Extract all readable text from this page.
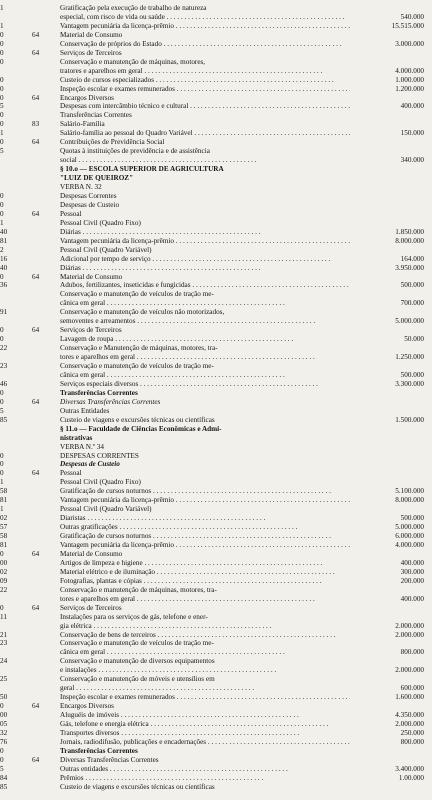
1	Gratificação pela execução de trabalho de natureza
especial, com risco de vida ou saúde . . .	540.000
1	Vantagem pecuniária da licença-prêmio . . .	15.515.000
0	64	Material de Consumo
0	Conservação de próprios do Estado . . .	3.000.000
0	64	Serviços de Terceiros
0	Conservação e manutenção de máquinas, motores,
tratores e aparelhos em geral . . .	4.000.000
0	Custeio de cursos especializados . . .	1.000.000
0	Inspeção escolar e exames remunerados . . .	1.200.000
0	64	Encargos Diversos
5	Despesas com intercâmbio técnico e cultural . . .	400.000
0	Transferências Correntes
0	83	Salário-Família
1	Salário-família ao pessoal do Quadro Variável . . .	150.000
0	64	Contribuições de Previdência Social
5	Quotas à instituições de previdência e de assistência
social . . .	340.000
§ 10.o — ESCOLA SUPERIOR DE AGRICULTURA
"LUIZ DE QUEIROZ"
VERBA N. 32
0	Despesas Correntes
0	Despesas de Custeio
0	64	Pessoal
1	Pessoal Civil (Quadro Fixo)
40	Diárias . . .	1.850.000
81	Vantagem pecuniária da licença-prêmio . . .	8.000.000
2	Pessoal Civil (Quadro Variável)
16	Adicional por tempo de serviço . . .	164.000
40	Diárias . . .	3.950.000
0	64	Material de Consumo
36	Adubos, fertilizantes, inseticidas e fungicidas . . .	500.000
Conservação e manutenção de veículos de tração me-
cânica em geral . . .	700.000
91	Conservação e manutenção de veículos não motorizados,
semoventes e arreamentos . . .	5.000.000
0	64	Serviços de Terceiros
0	Lavagem de roupa . . .	50.000
22	Conservação e Manutenção de máquinas, motores, tra-
tores e aparelhos em geral . . .	1.250.000
23	Conservação e manutenção de veículos de tração me-
cânica em geral . . .	500.000
46	Serviços especiais diversos . . .	3.300.000
0	Transferências Correntes
0	64	Diversas Transferências Correntes
5	Outras Entidades
85	Custeio de viagens e excursões técnicas ou científicas	1.500.000
§ 11.o — Faculdade de Ciências Econômicas e Admi-
nistrativas
VERBA N.º 34
0	DESPESAS CORRENTES
0	Despesas de Custeio
0	64	Pessoal
1	Pessoal Civil (Quadro Fixo)
58	Gratificação de cursos noturnos . . .	5.100.000
81	Vantagem pecuniária da licença-prêmio . . .	8.000.000
1	Pessoal Civil (Quadro Variável)
02	Diaristas . . .	500.000
57	Outras gratificações . . .	5.000.000
58	Gratificação de cursos noturnos . . .	6.000.000
81	Vantagem pecuniária da licença-prêmio . . .	4.000.000
0	64	Material de Consumo
00	Artigos de limpeza e higiene . . .	400.000
02	Material elétrico e de iluminação . . .	300.000
09	Fotografias, plantas e cópias . . .	200.000
22	Conservação e manutenção de máquinas, motores, tra-
tores e aparelhos em geral . . .	400.000
0	64	Serviços de Terceiros
11	Instalações para os serviços de gás, telefone e ener-
gia elétrica . . .	2.000.000
21	Conservação de bens de terceiros . . .	2.000.000
23	Conservação e manutenção de veículos de tração me-
cânica em geral . . .	800.000
24	Conservação e manutenção de diversos equipamentos
e instalações . . .	2.000.000
25	Conservação e manutenção de móveis e utensílios em
geral . . .	600.000
50	Inspeção escolar e exames remunerados . . .	1.600.000
0	64	Encargos Diversos
00	Aluguéis de imóveis . . .	4.350.000
05	Gás, telefone e energia elétrica . . .	2.000.000
32	Transportes diversos . . .	250.000
76	Jornais, radiodifusão, publicações e encadernações . . .	800.000
0	Transferências Correntes
0	64	Diversas Transferências Correntes
5	Outras entidades . . .	3.400.000
84	Prêmios . . .	1.00.000
85	Custeio de viagens e excursões técnicas ou científicas
